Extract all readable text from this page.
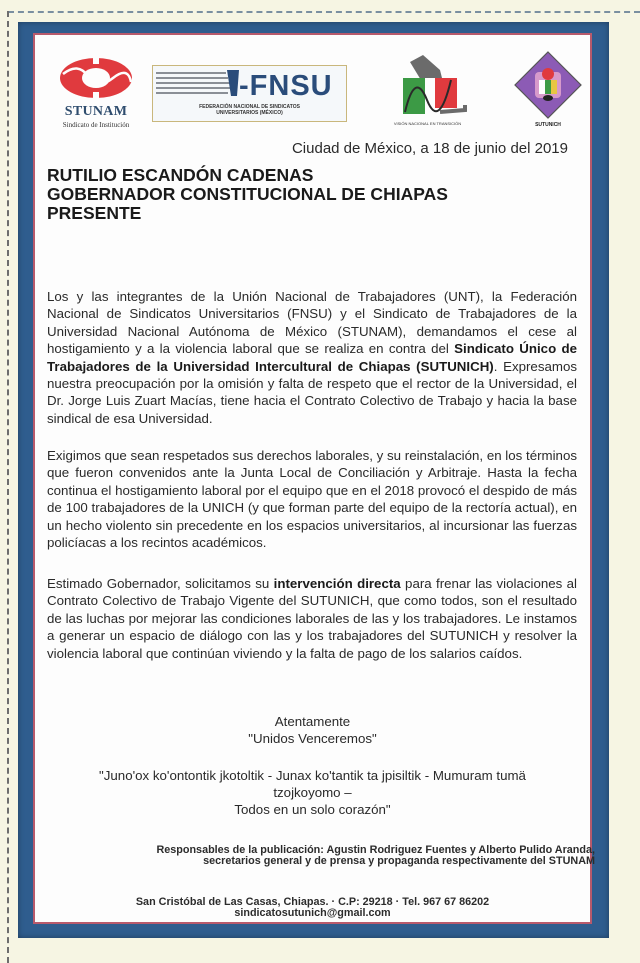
STUNAM
Sindicato de Institución
-FNSU
FEDERACIÓN NACIONAL DE SINDICATOS
UNIVERSITARIOS (MÉXICO)
VISIÓN NACIONAL EN TRANSICIÓN	SUTUNICH
Ciudad de México, a 18 de junio del 2019
RUTILIO ESCANDÓN CADENAS
GOBERNADOR CONSTITUCIONAL DE CHIAPAS
PRESENTE
Los y las integrantes de la Unión Nacional de Trabajadores (UNT), la Federación Nacional de Sindicatos Universitarios (FNSU) y el Sindicato de Trabajadores de la Universidad Nacional Autónoma de México (STUNAM), demandamos el cese al hostigamiento y a la violencia laboral que se realiza en contra del Sindicato Único de Trabajadores de la Universidad Intercultural de Chiapas (SUTUNICH). Expresamos nuestra preocupación por la omisión y falta de respeto que el rector de la Universidad, el Dr. Jorge Luis Zuart Macías, tiene hacia el Contrato Colectivo de Trabajo y hacia la base sindical de esa Universidad.
Exigimos que sean respetados sus derechos laborales, y su reinstalación, en los términos que fueron convenidos ante la Junta Local de Conciliación y Arbitraje. Hasta la fecha continua el hostigamiento laboral por el equipo que en el 2018 provocó el despido de más de 100 trabajadores de la UNICH (y que forman parte del equipo de la rectoría actual), en un hecho violento sin precedente en los espacios universitarios, al incursionar las fuerzas policíacas a los recintos académicos.
Estimado Gobernador, solicitamos su intervención directa para frenar las violaciones al Contrato Colectivo de Trabajo Vigente del SUTUNICH, que como todos, son el resultado de las luchas por mejorar las condiciones laborales de las y los trabajadores. Le instamos a generar un espacio de diálogo con las y los trabajadores del SUTUNICH y resolver la violencia laboral que continúan viviendo y la falta de pago de los salarios caídos.
Atentamente
"Unidos Venceremos"
"Juno'ox ko'ontontik jkotoltik - Junax ko'tantik ta jpisiltik - Mumuram tumä
tzojkoyomo –
Todos en un solo corazón"
Responsables de la publicación: Agustin Rodriguez Fuentes y Alberto Pulido Aranda,
secretarios general y de prensa y propaganda respectivamente del STUNAM
San Cristóbal de Las Casas, Chiapas. · C.P: 29218 · Tel. 967 67 86202
sindicatosutunich@gmail.com
